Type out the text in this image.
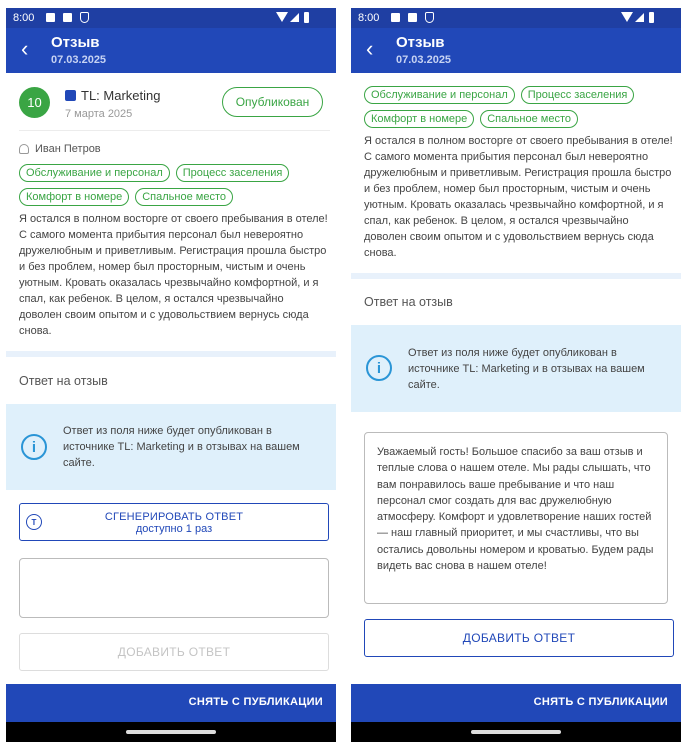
8:00
‹ Отзыв
07.03.2025
10	TL: Marketing
7 марта 2025
Опубликован
Иван Петров
Обслуживание и персонал	Процесс заселения
Комфорт в номере	Спальное место
Я остался в полном восторге от своего пребывания в отеле! С самого момента прибытия персонал был невероятно дружелюбным и приветливым. Регистрация прошла быстро и без проблем, номер был просторным, чистым и очень уютным. Кровать оказалась чрезвычайно комфортной, и я спал, как ребенок. В целом, я остался чрезвычайно доволен своим опытом и с удовольствием вернусь сюда снова.
Ответ на отзыв
i
Ответ из поля ниже будет опубликован в источнике TL: Marketing и в отзывах на вашем сайте.
T	СГЕНЕРИРОВАТЬ ОТВЕТ
доступно 1 раз
ДОБАВИТЬ ОТВЕТ
СНЯТЬ С ПУБЛИКАЦИИ
8:00
‹ Отзыв
07.03.2025
Обслуживание и персонал	Процесс заселения
Комфорт в номере	Спальное место
Я остался в полном восторге от своего пребывания в отеле! С самого момента прибытия персонал был невероятно дружелюбным и приветливым. Регистрация прошла быстро и без проблем, номер был просторным, чистым и очень уютным. Кровать оказалась чрезвычайно комфортной, и я спал, как ребенок. В целом, я остался чрезвычайно доволен своим опытом и с удовольствием вернусь сюда снова.
Ответ на отзыв
i
Ответ из поля ниже будет опубликован в источнике TL: Marketing и в отзывах на вашем сайте.
Уважаемый гость! Большое спасибо за ваш отзыв и теплые слова о нашем отеле. Мы рады слышать, что вам понравилось ваше пребывание и что наш персонал смог создать для вас дружелюбную атмосферу. Комфорт и удовлетворение наших гостей — наш главный приоритет, и мы счастливы, что вы остались довольны номером и кроватью. Будем рады видеть вас снова в нашем отеле!
ДОБАВИТЬ ОТВЕТ
СНЯТЬ С ПУБЛИКАЦИИ
